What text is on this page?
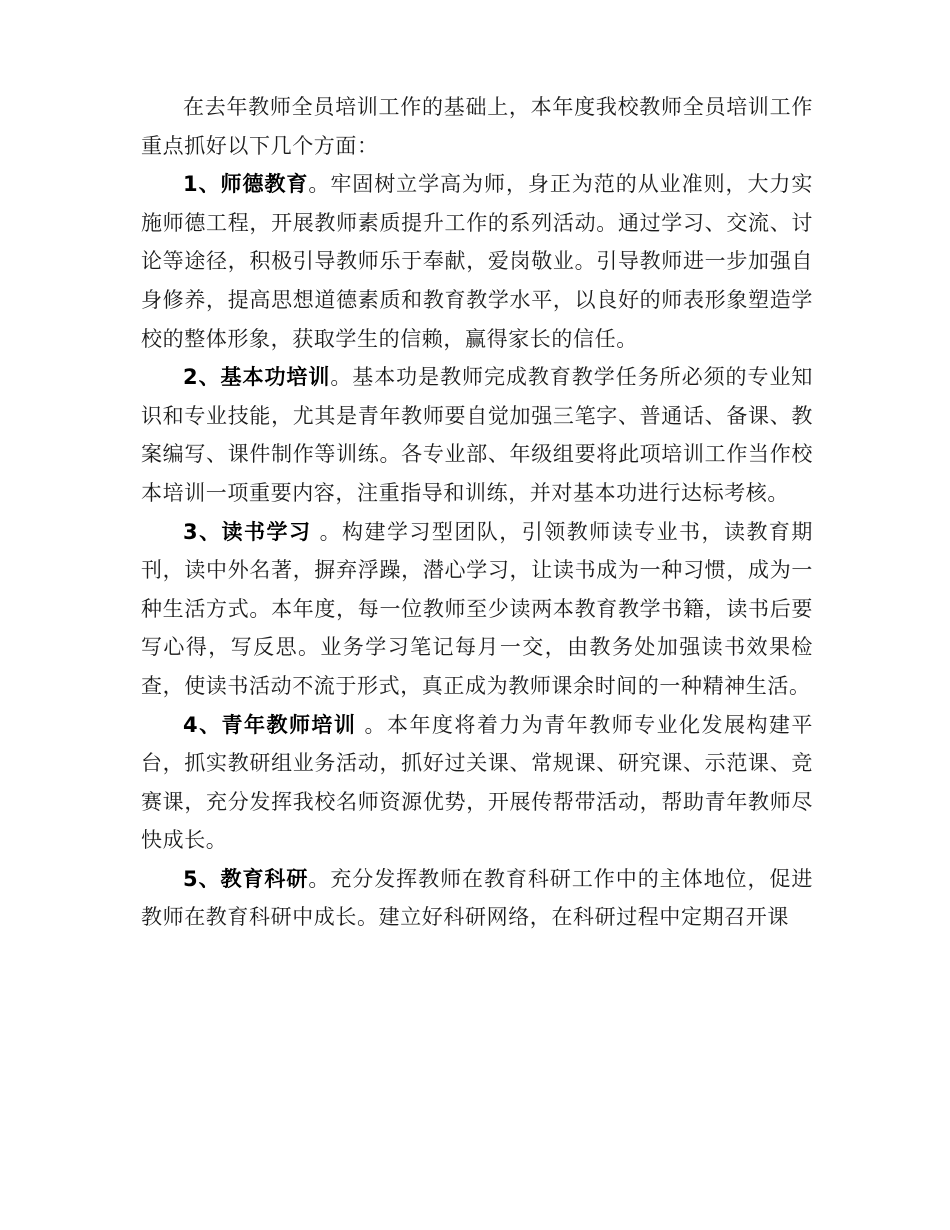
在去年教师全员培训工作的基础上，本年度我校教师全员培训工作重点抓好以下几个方面：

1、师德教育。牢固树立学高为师，身正为范的从业准则，大力实施师德工程，开展教师素质提升工作的系列活动。通过学习、交流、讨论等途径，积极引导教师乐于奉献，爱岗敬业。引导教师进一步加强自身修养，提高思想道德素质和教育教学水平，以良好的师表形象塑造学校的整体形象，获取学生的信赖，赢得家长的信任。

2、基本功培训。基本功是教师完成教育教学任务所必须的专业知识和专业技能，尤其是青年教师要自觉加强三笔字、普通话、备课、教案编写、课件制作等训练。各专业部、年级组要将此项培训工作当作校本培训一项重要内容，注重指导和训练，并对基本功进行达标考核。

3、读书学习 。构建学习型团队，引领教师读专业书，读教育期刊，读中外名著，摒弃浮躁，潜心学习，让读书成为一种习惯，成为一种生活方式。本年度，每一位教师至少读两本教育教学书籍，读书后要写心得，写反思。业务学习笔记每月一交，由教务处加强读书效果检查，使读书活动不流于形式，真正成为教师课余时间的一种精神生活。

4、青年教师培训 。本年度将着力为青年教师专业化发展构建平台，抓实教研组业务活动，抓好过关课、常规课、研究课、示范课、竞赛课，充分发挥我校名师资源优势，开展传帮带活动，帮助青年教师尽快成长。

5、教育科研。充分发挥教师在教育科研工作中的主体地位，促进教师在教育科研中成长。建立好科研网络，在科研过程中定期召开课
